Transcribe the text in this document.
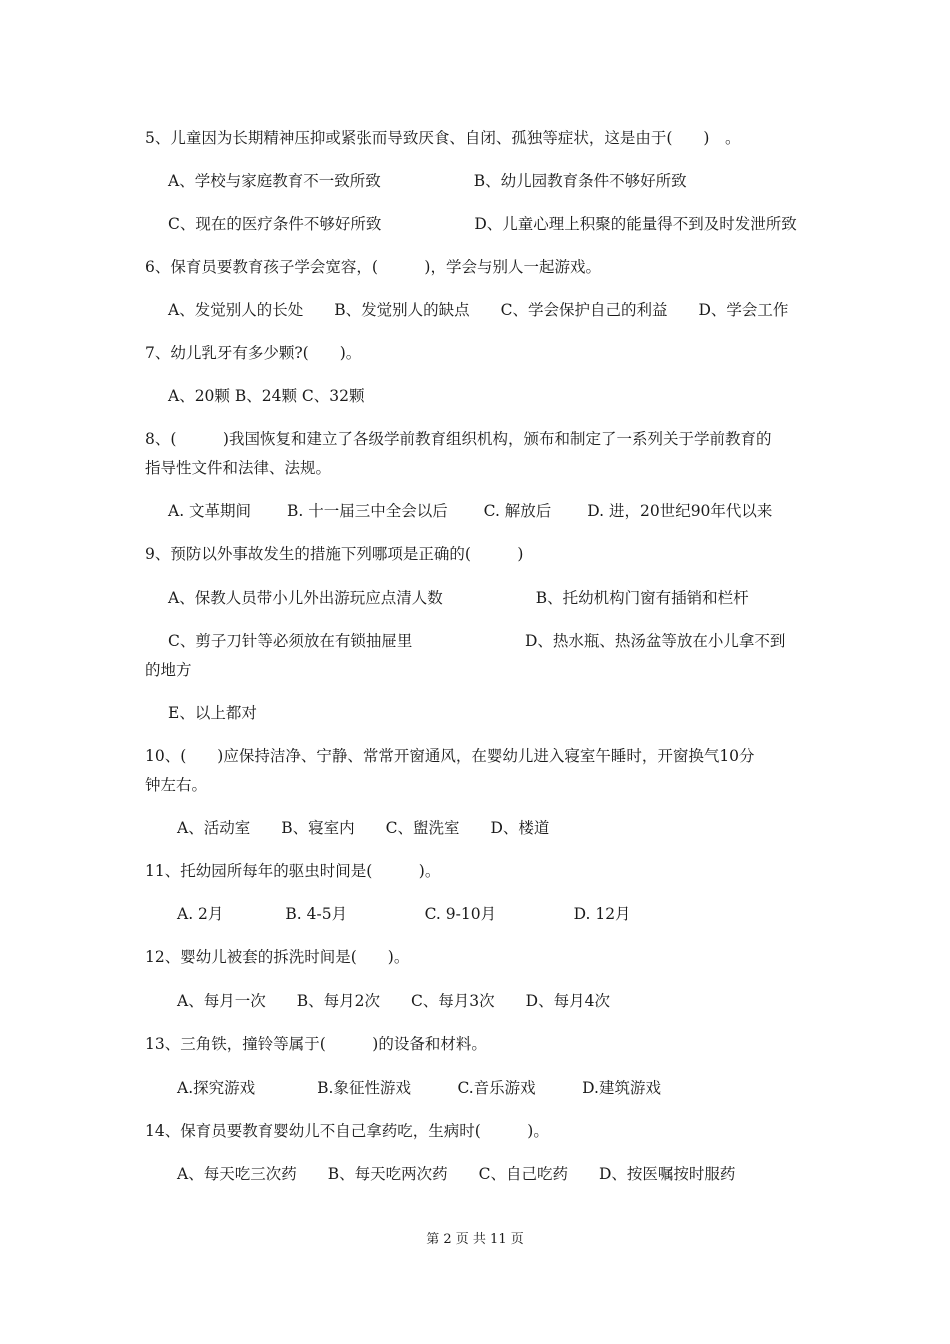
5、儿童因为长期精神压抑或紧张而导致厌食、自闭、孤独等症状，这是由于(　　)　。
A、学校与家庭教育不一致所致　　　　　　B、幼儿园教育条件不够好所致
C、现在的医疗条件不够好所致　　　　　　D、儿童心理上积聚的能量得不到及时发泄所致
6、保育员要教育孩子学会宽容，(　　　)，学会与别人一起游戏。
A、发觉别人的长处　　B、发觉别人的缺点　　C、学会保护自己的利益　　D、学会工作
7、幼儿乳牙有多少颗?(　　)。
A、20颗 B、24颗 C、32颗
8、(　　　)我国恢复和建立了各级学前教育组织机构，颁布和制定了一系列关于学前教育的
指导性文件和法律、法规。
A. 文革期间　　 B. 十一届三中全会以后　　 C. 解放后　　 D. 进，20世纪90年代以来
9、预防以外事故发生的措施下列哪项是正确的(　　　)
A、保教人员带小儿外出游玩应点清人数　　　　　　B、托幼机构门窗有插销和栏杆
C、剪子刀针等必须放在有锁抽屉里	D、热水瓶、热汤盆等放在小儿拿不到
的地方
E、以上都对
10、(　　)应保持洁净、宁静、常常开窗通风，在婴幼儿进入寝室午睡时，开窗换气10分
钟左右。
A、活动室　　B、寝室内　　C、盥洗室　　D、楼道
11、托幼园所每年的驱虫时间是(　　　)。
A. 2月　　　　B. 4-5月　　　　　C. 9-10月　　　　　D. 12月
12、婴幼儿被套的拆洗时间是(　　)。
A、每月一次　　B、每月2次　　C、每月3次　　D、每月4次
13、三角铁，撞铃等属于(　　　)的设备和材料。
A.探究游戏　　　　B.象征性游戏　　　C.音乐游戏　　　D.建筑游戏
14、保育员要教育婴幼儿不自己拿药吃，生病时(　　　)。
A、每天吃三次药　　B、每天吃两次药　　C、自己吃药　　D、按医嘱按时服药
第 2 页 共 11 页
